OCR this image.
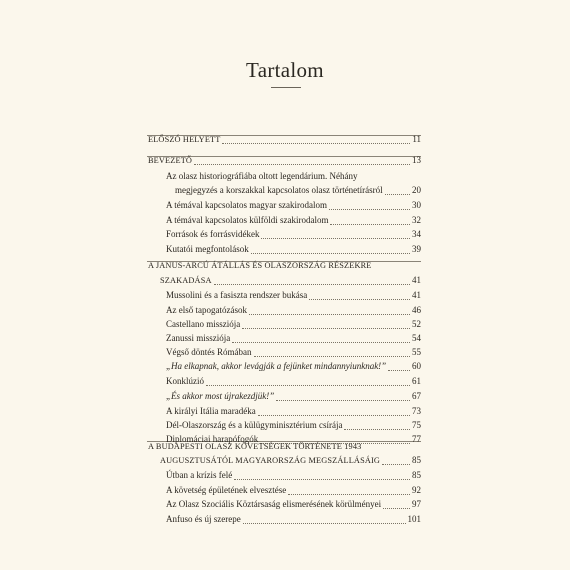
Tartalom
ELŐSZÓ HELYETT	11
BEVEZETŐ	13
Az olasz historiográfiába oltott legendárium. Néhány
megjegyzés a korszakkal kapcsolatos olasz történetírásról	20
A témával kapcsolatos magyar szakirodalom	30
A témával kapcsolatos külföldi szakirodalom	32
Források és forrásvidékek	34
Kutatói megfontolások	39
A JANUS-ARCÚ ÁTÁLLÁS ÉS OLASZORSZÁG RÉSZEKRE
SZAKADÁSA	41
Mussolini és a fasiszta rendszer bukása	41
Az első tapogatózások	46
Castellano missziója	52
Zanussi missziója	54
Végső döntés Rómában	55
„Ha elkapnak, akkor levágják a fejünket mindannyiunknak!”	60
Konklúzió	61
„És akkor most újrakezdjük!”	67
A királyi Itália maradéka	73
Dél-Olaszország és a külügyminisztérium csírája	75
Diplomáciai harapófogók	77
A BUDAPESTI OLASZ KÖVETSÉGEK TÖRTÉNETE 1943
AUGUSZTUSÁTÓL MAGYARORSZÁG MEGSZÁLLÁSÁIG	85
Útban a krízis felé	85
A követség épületének elvesztése	92
Az Olasz Szociális Köztársaság elismerésének körülményei	97
Anfuso és új szerepe	101
